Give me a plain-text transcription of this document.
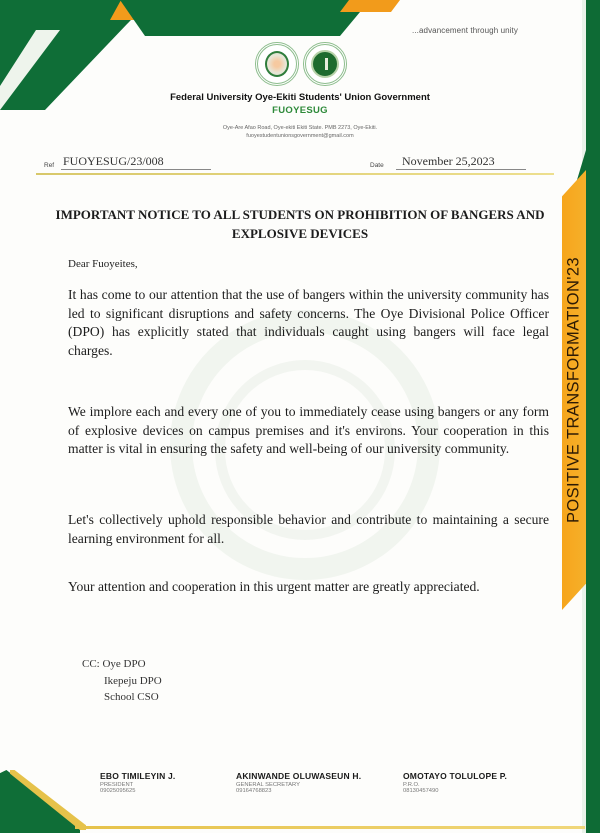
POSITIVE TRANSFORMATION'23
...advancement through unity
Federal University Oye-Ekiti Students' Union Government
FUOYESUG
Oye-Are Afao Road, Oye-ekiti Ekiti State. PMB 2273, Oye-Ekiti.
fuoyestudentunionsgovernment@gmail.com
Ref FUOYESUG/23/008	Date	November 25,2023
IMPORTANT NOTICE TO ALL STUDENTS ON PROHIBITION OF BANGERS AND EXPLOSIVE DEVICES
Dear Fuoyeites,

It has come to our attention that the use of bangers within the university community has led to significant disruptions and safety concerns. The Oye Divisional Police Officer (DPO) has explicitly stated that individuals caught using bangers will face legal charges.

We implore each and every one of you to immediately cease using bangers or any form of explosive devices on campus premises and it's environs. Your cooperation in this matter is vital in ensuring the safety and well-being of our university community.

Let's collectively uphold responsible behavior and contribute to maintaining a secure learning environment for all.

Your attention and cooperation in this urgent matter are greatly appreciated.

CC: Oye DPO
Ikepeju DPO
School CSO
EBO TIMILEYIN J.
PRESIDENT
09025095625
AKINWANDE OLUWASEUN H.
GENERAL SECRETARY
09164768823
OMOTAYO TOLULOPE P.
P.R.O.
08130457490
